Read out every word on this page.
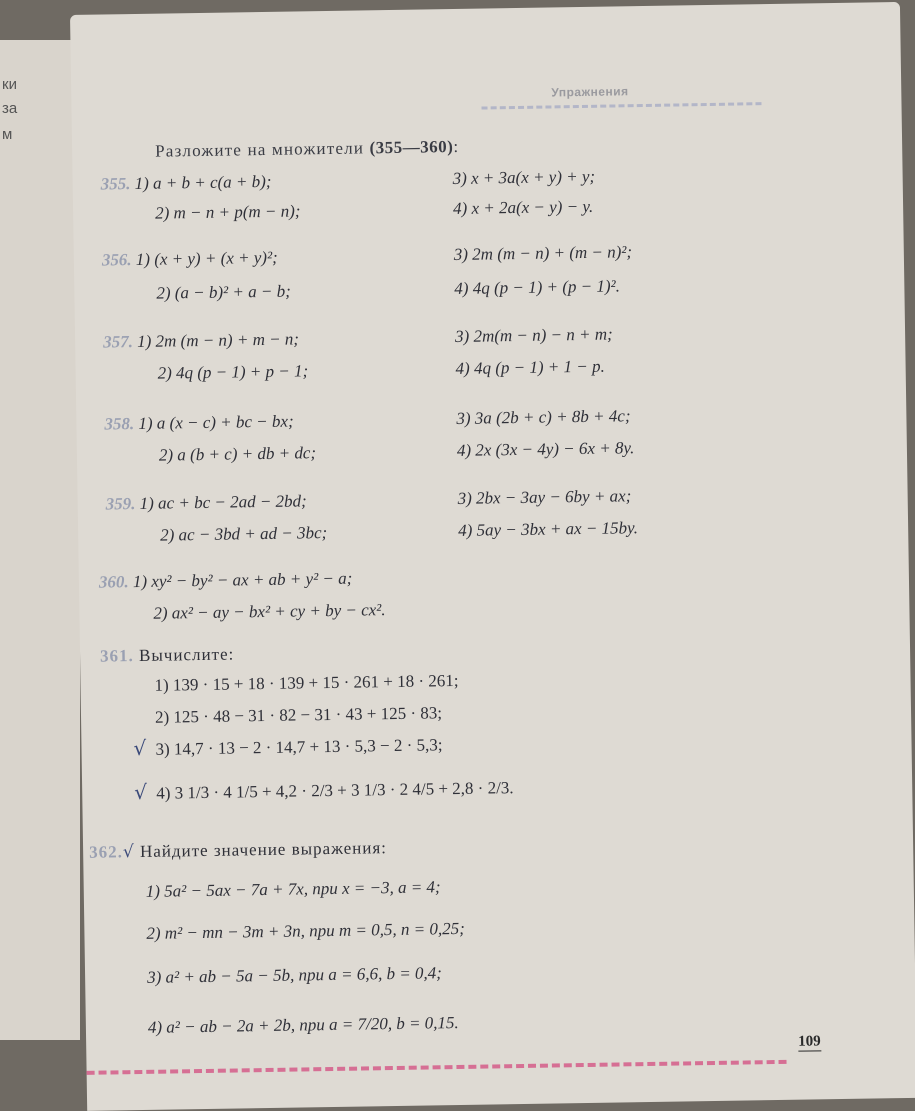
ки
за
м
Упражнения
Разложите на множители (355—360):
355. 1) a + b + c(a + b);	3) x + 3a(x + y) + y;
2) m − n + p(m − n);	4) x + 2a(x − y) − y.
356. 1) (x + y) + (x + y)²;	3) 2m (m − n) + (m − n)²;
2) (a − b)² + a − b;	4) 4q (p − 1) + (p − 1)².
357. 1) 2m (m − n) + m − n;	3) 2m(m − n) − n + m;
2) 4q (p − 1) + p − 1;	4) 4q (p − 1) + 1 − p.
358. 1) a (x − c) + bc − bx;	3) 3a (2b + c) + 8b + 4c;
2) a (b + c) + db + dc;	4) 2x (3x − 4y) − 6x + 8y.
359. 1) ac + bc − 2ad − 2bd;	3) 2bx − 3ay − 6by + ax;
2) ac − 3bd + ad − 3bc;	4) 5ay − 3bx + ax − 15by.
360. 1) xy² − by² − ax + ab + y² − a;
2) ax² − ay − bx² + cy + by − cx².
361. Вычислите:
1) 139 · 15 + 18 · 139 + 15 · 261 + 18 · 261;
2) 125 · 48 − 31 · 82 − 31 · 43 + 125 · 83;
√ 3) 14,7 · 13 − 2 · 14,7 + 13 · 5,3 − 2 · 5,3;
√ 4) 3 1/3 · 4 1/5 + 4,2 · 2/3 + 3 1/3 · 2 4/5 + 2,8 · 2/3.
362.√ Найдите значение выражения:
1) 5a² − 5ax − 7a + 7x, при x = −3, a = 4;
2) m² − mn − 3m + 3n, при m = 0,5, n = 0,25;
3) a² + ab − 5a − 5b, при a = 6,6, b = 0,4;
4) a² − ab − 2a + 2b, при a = 7/20, b = 0,15.
109
